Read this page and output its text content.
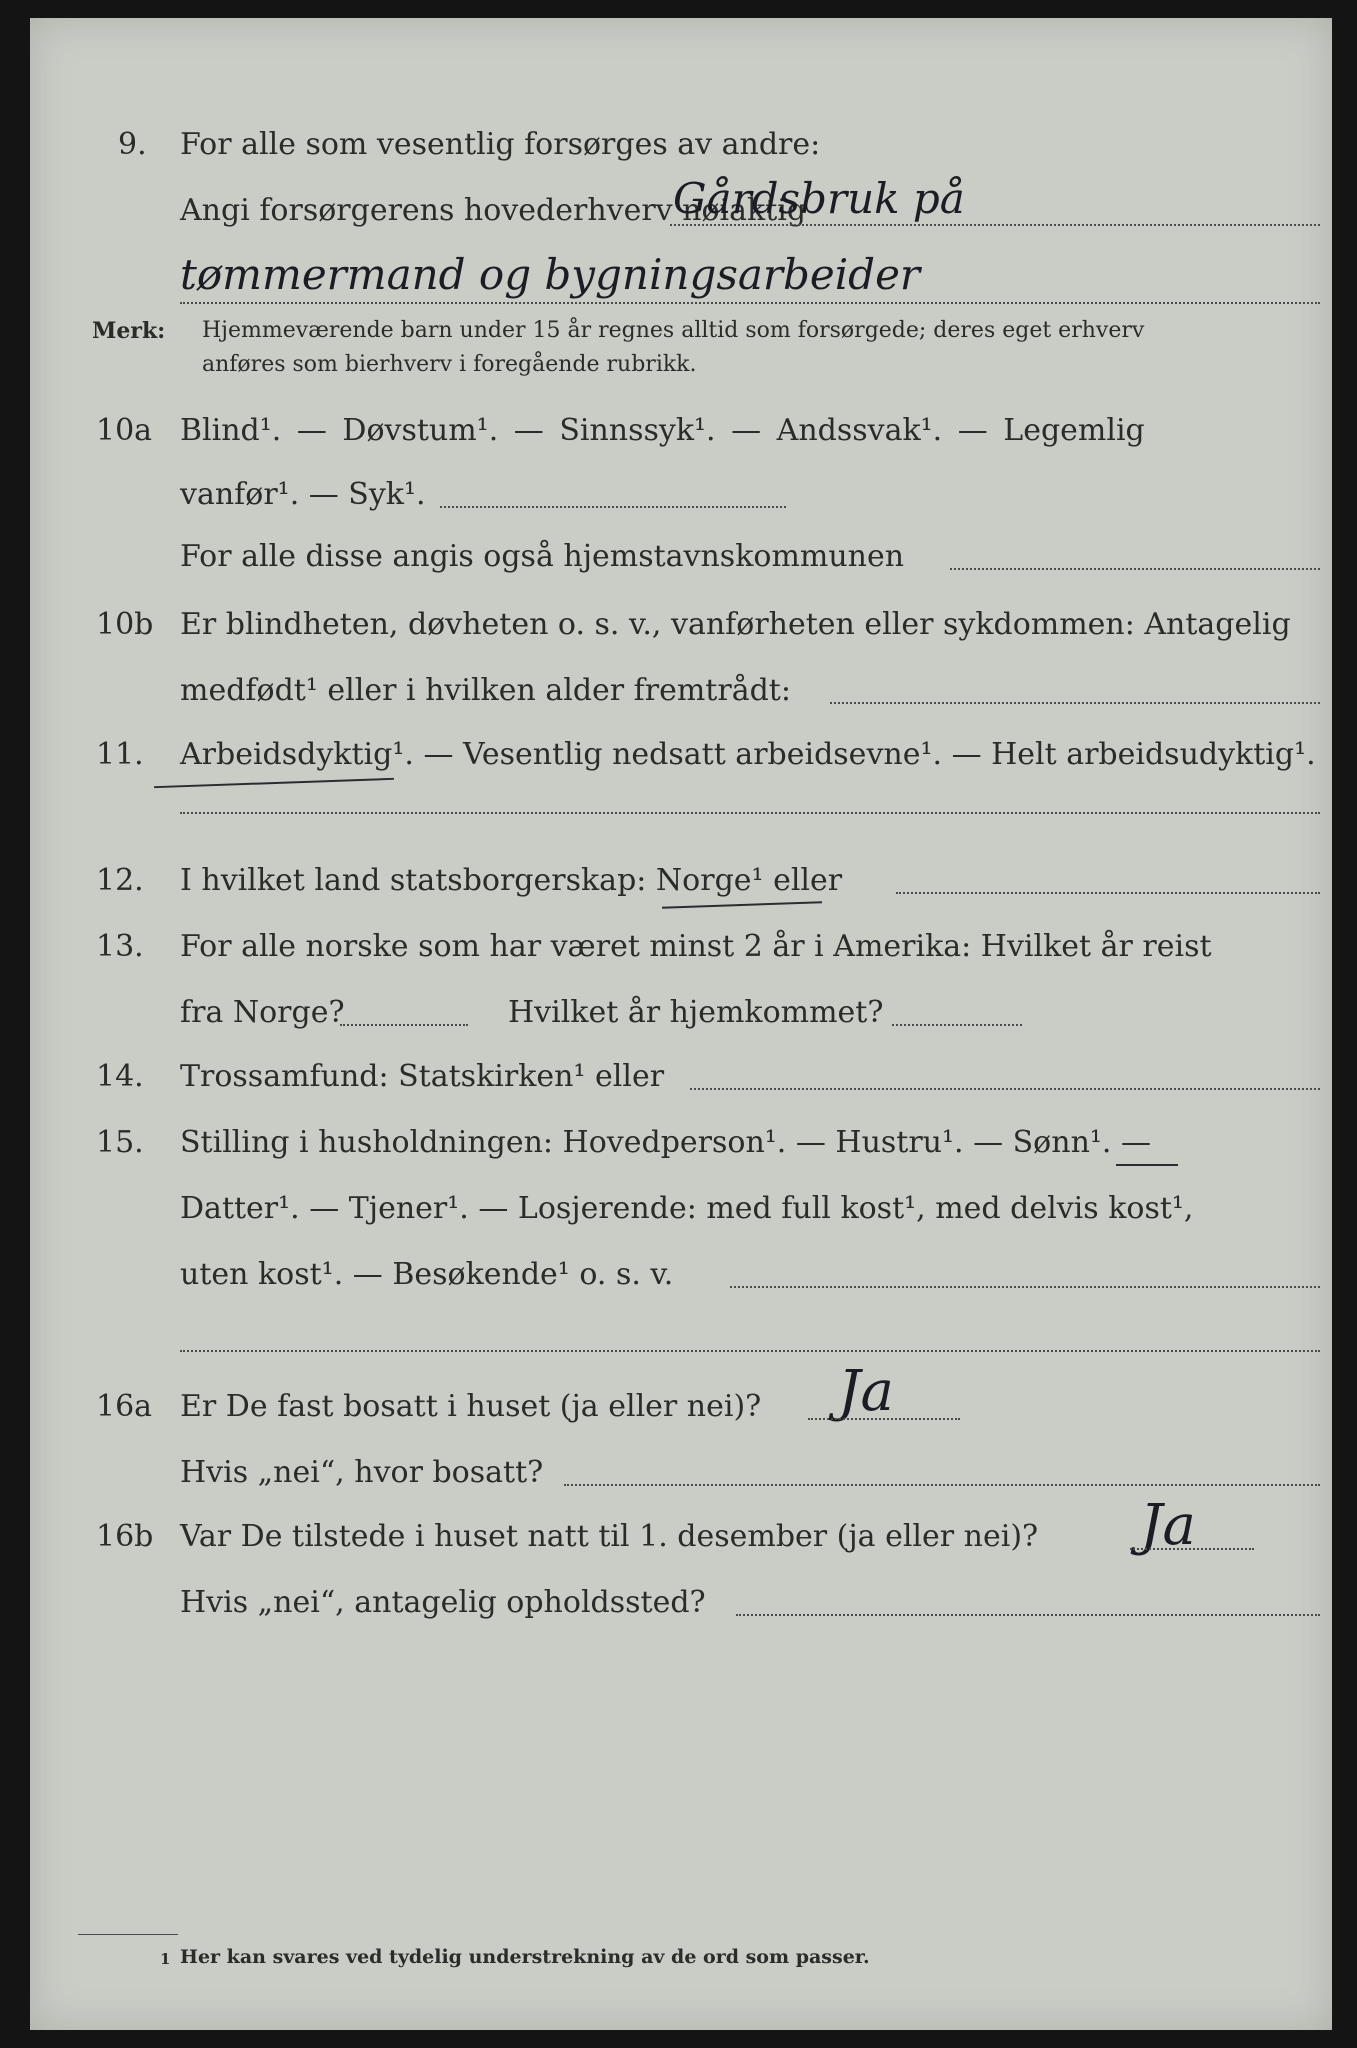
9. For alle som vesentlig forsørges av andre:
Angi forsørgerens hovederhverv nøiaktig
Gårdsbruk på
tømmermand og bygningsarbeider
Merk: Hjemmeværende barn under 15 år regnes alltid som forsørgede; deres eget erhverv
anføres som bierhverv i foregående rubrikk.
10a Blind¹. — Døvstum¹. — Sinnssyk¹. — Andssvak¹. — Legemlig
vanfør¹. — Syk¹.
For alle disse angis også hjemstavnskommunen
10b Er blindheten, døvheten o. s. v., vanførheten eller sykdommen: Antagelig
medfødt¹ eller i hvilken alder fremtrådt:
11. Arbeidsdyktig¹. — Vesentlig nedsatt arbeidsevne¹. — Helt arbeidsudyktig¹.
12. I hvilket land statsborgerskap: Norge¹ eller
13. For alle norske som har været minst 2 år i Amerika: Hvilket år reist
fra Norge?	Hvilket år hjemkommet?
14. Trossamfund: Statskirken¹ eller
15. Stilling i husholdningen: Hovedperson¹. — Hustru¹. — Sønn¹. —
Datter¹. — Tjener¹. — Losjerende: med full kost¹, med delvis kost¹,
uten kost¹. — Besøkende¹ o. s. v.
16a Er De fast bosatt i huset (ja eller nei)? Ja
Hvis „nei“, hvor bosatt?
16b Var De tilstede i huset natt til 1. desember (ja eller nei)? Ja
Hvis „nei“, antagelig opholdssted?
1 Her kan svares ved tydelig understrekning av de ord som passer.
